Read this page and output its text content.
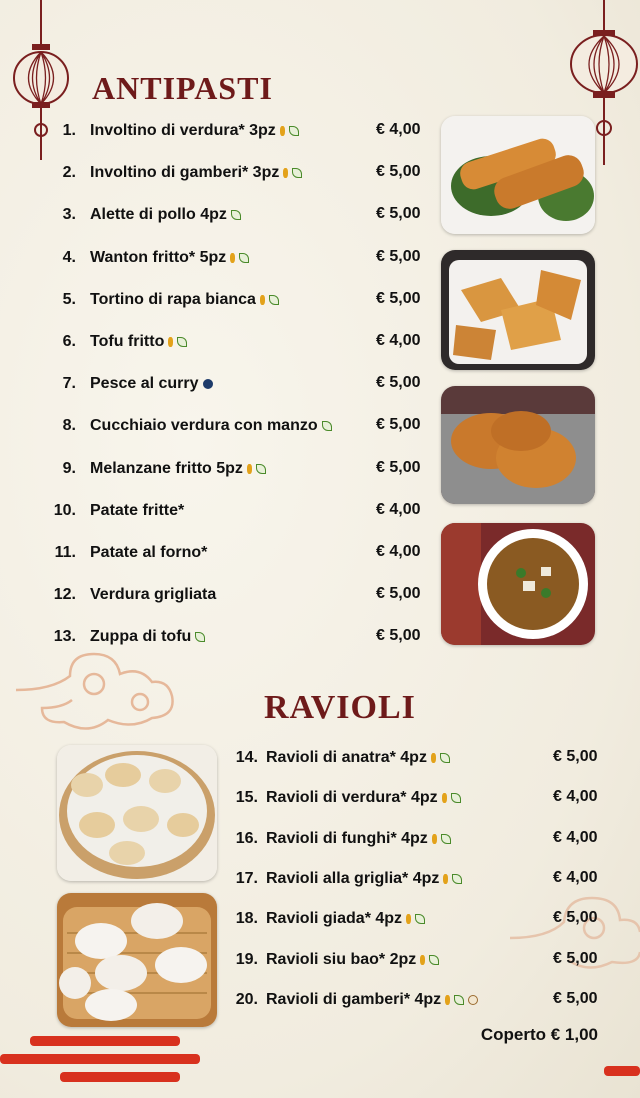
ANTIPASTI
1. Involtino di verdura* 3pz	€ 4,00
2. Involtino di gamberi* 3pz	€ 5,00
3. Alette di pollo 4pz	€ 5,00
4. Wanton fritto* 5pz	€ 5,00
5. Tortino di rapa bianca	€ 5,00
6. Tofu fritto	€ 4,00
7. Pesce al curry	€ 5,00
8. Cucchiaio verdura con manzo	€ 5,00
9. Melanzane fritto 5pz	€ 5,00
10. Patate fritte*	€ 4,00
11. Patate al forno*	€ 4,00
12. Verdura grigliata	€ 5,00
13. Zuppa di tofu	€ 5,00
RAVIOLI
14. Ravioli di anatra* 4pz	€ 5,00
15. Ravioli di verdura* 4pz	€ 4,00
16. Ravioli di funghi* 4pz	€ 4,00
17. Ravioli alla griglia* 4pz	€ 4,00
18. Ravioli giada* 4pz	€ 5,00
19. Ravioli siu bao* 2pz	€ 5,00
20. Ravioli di gamberi* 4pz	€ 5,00
Coperto € 1,00
